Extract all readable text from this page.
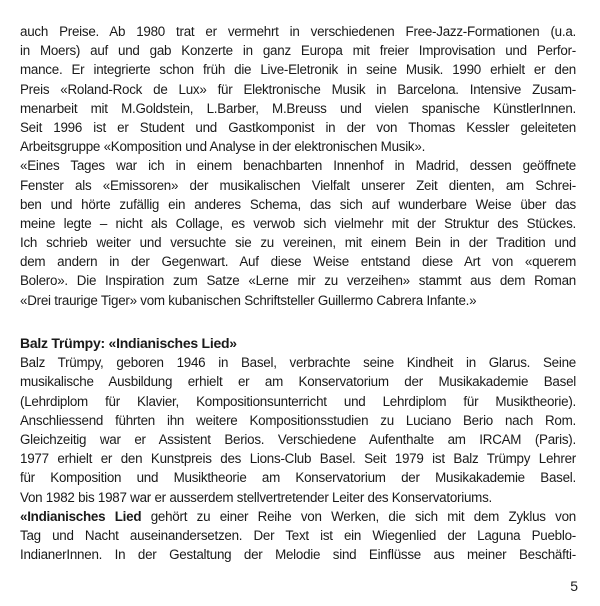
auch Preise. Ab 1980 trat er vermehrt in verschiedenen Free-Jazz-Formationen (u.a.
in Moers) auf und gab Konzerte in ganz Europa mit freier Improvisation und Perfor-
mance. Er integrierte schon früh die Live-Eletronik in seine Musik. 1990 erhielt er den
Preis «Roland-Rock de Lux» für Elektronische Musik in Barcelona. Intensive Zusam-
menarbeit mit M.Goldstein, L.Barber, M.Breuss und vielen spanische KünstlerInnen.
Seit 1996 ist er Student und Gastkomponist in der von Thomas Kessler geleiteten
Arbeitsgruppe «Komposition und Analyse in der elektronischen Musik».
«Eines Tages war ich in einem benachbarten Innenhof in Madrid, dessen geöffnete
Fenster als «Emissoren» der musikalischen Vielfalt unserer Zeit dienten, am Schrei-
ben und hörte zufällig ein anderes Schema, das sich auf wunderbare Weise über das
meine legte – nicht als Collage, es verwob sich vielmehr mit der Struktur des Stückes.
Ich schrieb weiter und versuchte sie zu vereinen, mit einem Bein in der Tradition und
dem andern in der Gegenwart. Auf diese Weise entstand diese Art von «querem
Bolero». Die Inspiration zum Satze «Lerne mir zu verzeihen» stammt aus dem Roman
«Drei traurige Tiger» vom kubanischen Schriftsteller Guillermo Cabrera Infante.»
Balz Trümpy: «Indianisches Lied»
Balz Trümpy, geboren 1946 in Basel, verbrachte seine Kindheit in Glarus. Seine
musikalische Ausbildung erhielt er am Konservatorium der Musikakademie Basel
(Lehrdiplom für Klavier, Kompositionsunterricht und Lehrdiplom für Musiktheorie).
Anschliessend führten ihn weitere Kompositionsstudien zu Luciano Berio nach Rom.
Gleichzeitig war er Assistent Berios. Verschiedene Aufenthalte am IRCAM (Paris).
1977 erhielt er den Kunstpreis des Lions-Club Basel. Seit 1979 ist Balz Trümpy Lehrer
für Komposition und Musiktheorie am Konservatorium der Musikakademie Basel.
Von 1982 bis 1987 war er ausserdem stellvertretender Leiter des Konservatoriums.
«Indianisches Lied gehört zu einer Reihe von Werken, die sich mit dem Zyklus von
Tag und Nacht auseinandersetzen. Der Text ist ein Wiegenlied der Laguna Pueblo-
IndianerInnen. In der Gestaltung der Melodie sind Einflüsse aus meiner Beschäfti-
5
